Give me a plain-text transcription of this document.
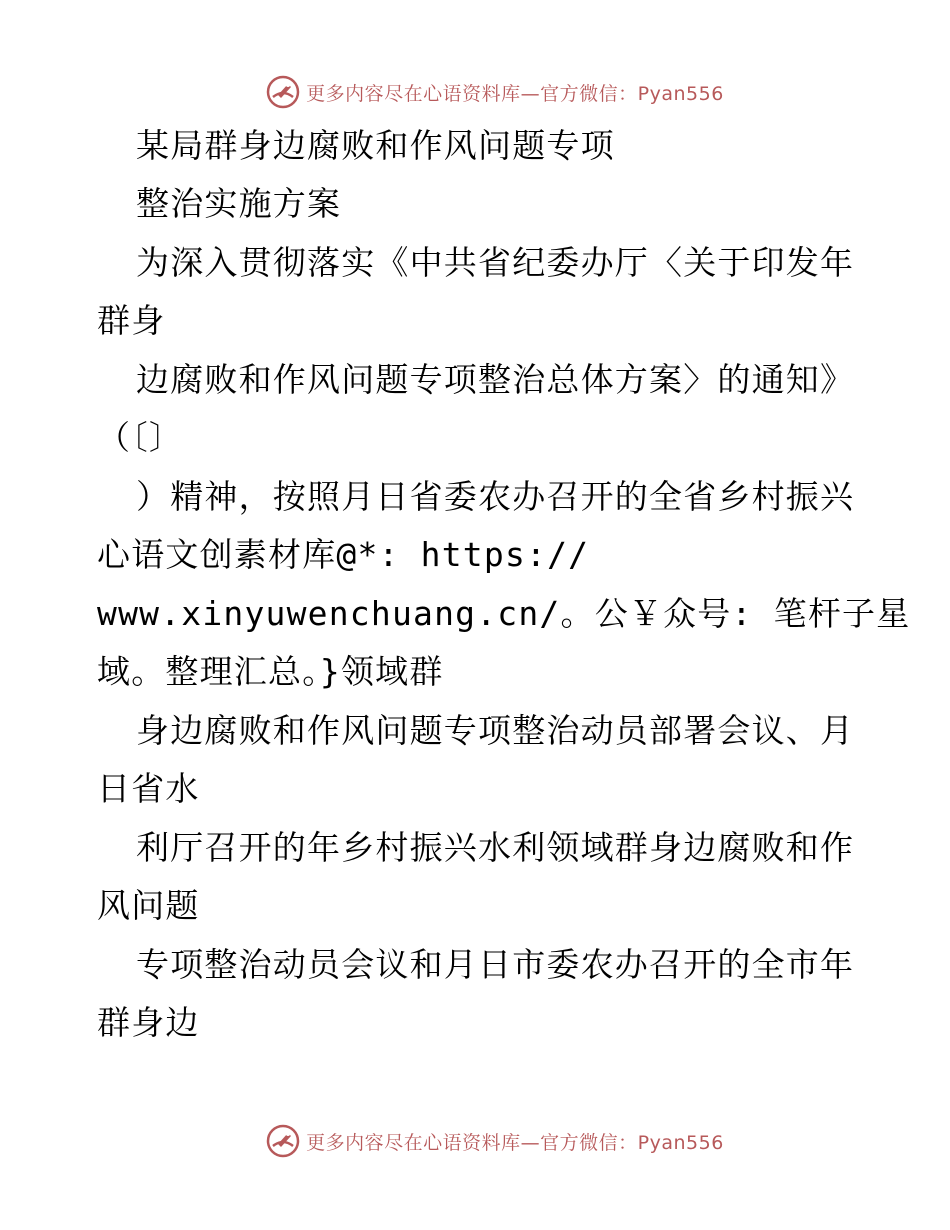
更多内容尽在心语资料库—官方微信：Pyan556

某局群身边腐败和作风问题专项

整治实施方案

为深入贯彻落实《中共省纪委办厅〈关于印发年

群身

边腐败和作风问题专项整治总体方案〉的通知》

（〔〕

）精神，按照月日省委农办召开的全省乡村振兴

心语文创素材库@*: https://

www.xinyuwenchuang.cn/。公￥众号: 笔杆子星

域。整理汇总。}领域群

身边腐败和作风问题专项整治动员部署会议、月

日省水

利厅召开的年乡村振兴水利领域群身边腐败和作

风问题

专项整治动员会议和月日市委农办召开的全市年

群身边

更多内容尽在心语资料库—官方微信：Pyan556
